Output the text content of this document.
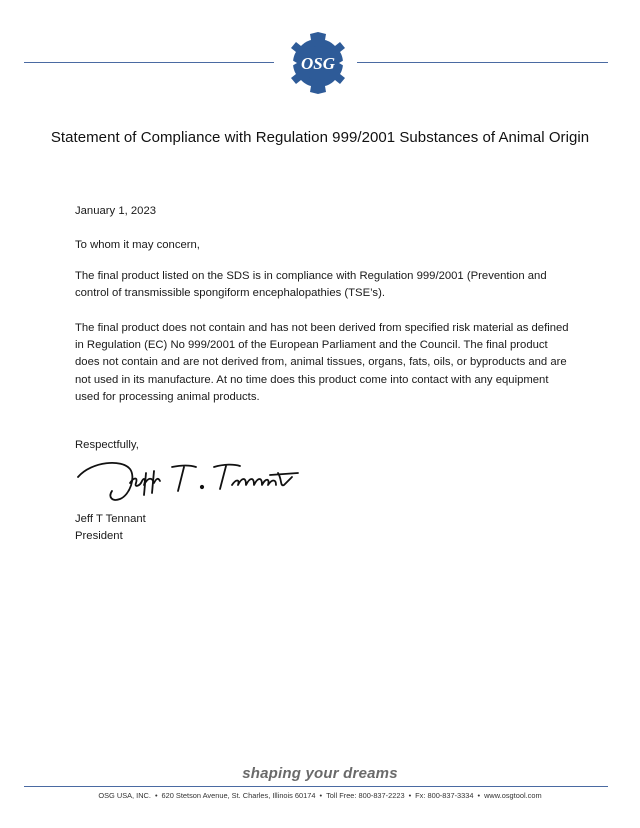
OSG
Statement of Compliance with Regulation 999/2001 Substances of Animal Origin
January 1, 2023
To whom it may concern,
The final product listed on the SDS is in compliance with Regulation 999/2001 (Prevention and control of transmissible spongiform encephalopathies (TSE’s).
The final product does not contain and has not been derived from specified risk material as defined in Regulation (EC) No 999/2001 of the European Parliament and the Council. The final product does not contain and are not derived from, animal tissues, organs, fats, oils, or byproducts and are not used in its manufacture. At no time does this product come into contact with any equipment used for processing animal products.
Respectfully,
Jeff T Tennant
President
shaping your dreams
OSG USA, INC. • 620 Stetson Avenue, St. Charles, Illinois 60174 • Toll Free: 800-837-2223 • Fx: 800-837-3334 • www.osgtool.com
